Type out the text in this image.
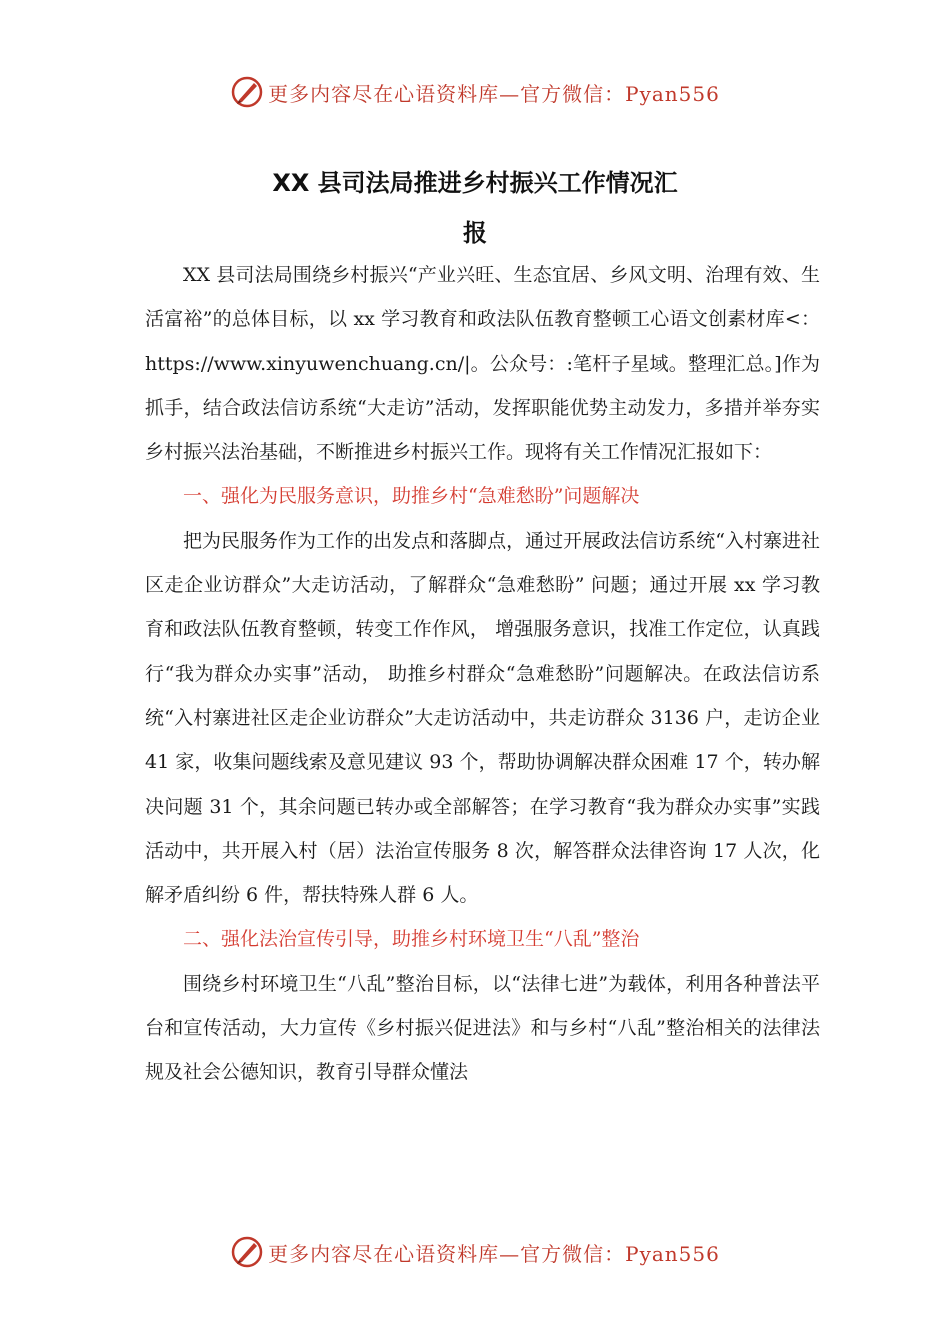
更多内容尽在心语资料库—官方微信：Pyan556
XX 县司法局推进乡村振兴工作情况汇
报

XX 县司法局围绕乡村振兴“产业兴旺、生态宜居、乡风文明、治理有效、生活富裕”的总体目标，以 xx 学习教育和政法队伍教育整顿工心语文创素材库<：https://www.xinyuwenchuang.cn/|。公众号：:笔杆子星域。整理汇总。]作为抓手，结合政法信访系统“大走访”活动，发挥职能优势主动发力，多措并举夯实乡村振兴法治基础，不断推进乡村振兴工作。现将有关工作情况汇报如下：

一、强化为民服务意识，助推乡村“急难愁盼”问题解决

把为民服务作为工作的出发点和落脚点，通过开展政法信访系统“入村寨进社区走企业访群众”大走访活动，了解群众“急难愁盼” 问题；通过开展 xx 学习教育和政法队伍教育整顿，转变工作作风， 增强服务意识，找准工作定位，认真践行“我为群众办实事”活动， 助推乡村群众“急难愁盼”问题解决。在政法信访系统“入村寨进社区走企业访群众”大走访活动中，共走访群众 3136 户，走访企业 41 家，收集问题线索及意见建议 93 个，帮助协调解决群众困难 17 个，转办解决问题 31 个，其余问题已转办或全部解答；在学习教育“我为群众办实事”实践活动中，共开展入村（居）法治宣传服务 8 次，解答群众法律咨询 17 人次，化解矛盾纠纷 6 件，帮扶特殊人群 6 人。

二、强化法治宣传引导，助推乡村环境卫生“八乱”整治

围绕乡村环境卫生“八乱”整治目标，以“法律七进”为载体，利用各种普法平台和宣传活动，大力宣传《乡村振兴促进法》和与乡村“八乱”整治相关的法律法规及社会公德知识，教育引导群众懂法

更多内容尽在心语资料库—官方微信：Pyan556
